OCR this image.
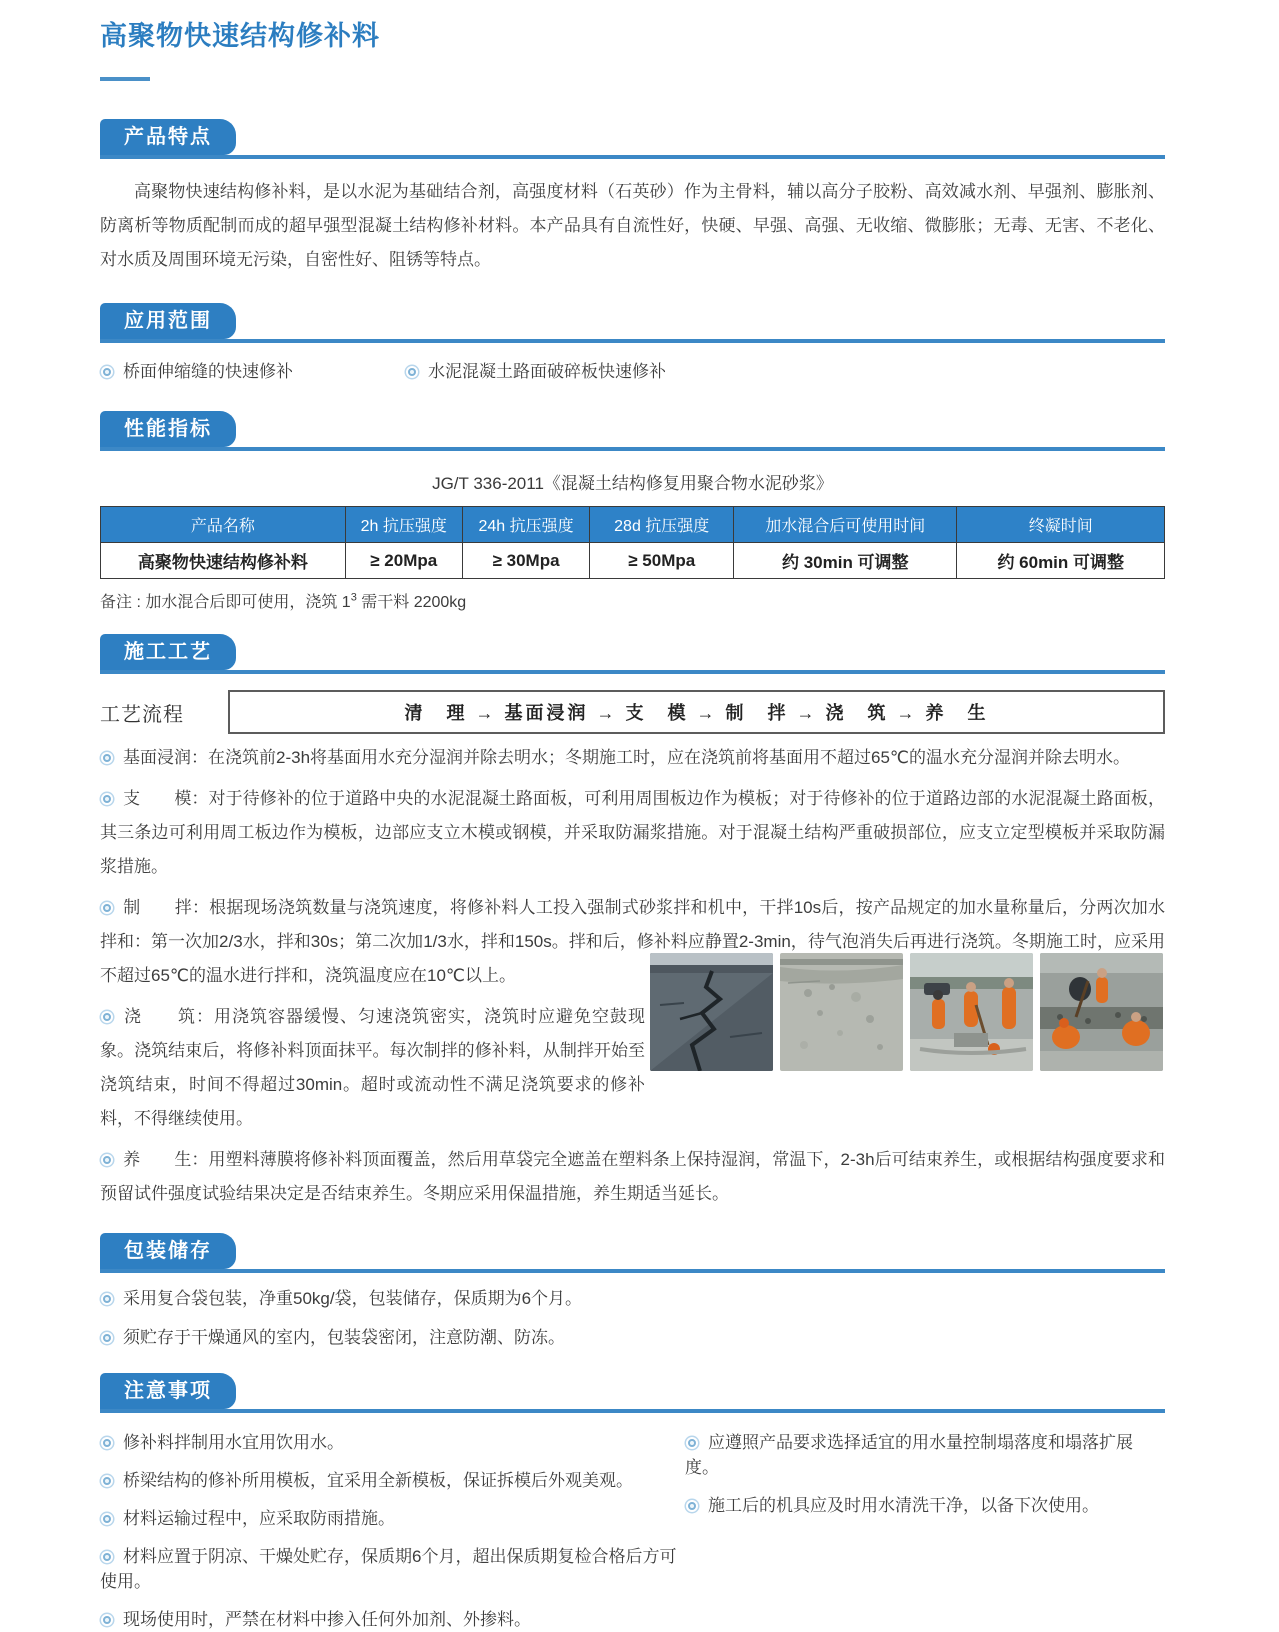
高聚物快速结构修补料
产品特点

高聚物快速结构修补料，是以水泥为基础结合剂，高强度材料（石英砂）作为主骨料，辅以高分子胶粉、高效减水剂、早强剂、膨胀剂、防离析等物质配制而成的超早强型混凝土结构修补材料。本产品具有自流性好，快硬、早强、高强、无收缩、微膨胀；无毒、无害、不老化、对水质及周围环境无污染，自密性好、阻锈等特点。

应用范围
桥面伸缩缝的快速修补	水泥混凝土路面破碎板快速修补
性能指标
JG/T 336-2011《混凝土结构修复用聚合物水泥砂浆》
产品名称	2h 抗压强度	24h 抗压强度	28d 抗压强度	加水混合后可使用时间	终凝时间
高聚物快速结构修补料	≥ 20Mpa	≥ 30Mpa	≥ 50Mpa	约 30min 可调整	约 60min 可调整
备注 : 加水混合后即可使用，浇筑 $1^3$ 需干料 2200kg
施工工艺
工艺流程	清　理 → 基面浸润 → 支　模 → 制　拌 → 浇　筑 → 养　生

基面浸润：在浇筑前2-3h将基面用水充分湿润并除去明水；冬期施工时，应在浇筑前将基面用不超过65℃的温水充分湿润并除去明水。

支　　模：对于待修补的位于道路中央的水泥混凝土路面板，可利用周围板边作为模板；对于待修补的位于道路边部的水泥混凝土路面板，其三条边可利用周工板边作为模板，边部应支立木模或钢模，并采取防漏浆措施。对于混凝土结构严重破损部位，应支立定型模板并采取防漏浆措施。

制　　拌：根据现场浇筑数量与浇筑速度，将修补料人工投入强制式砂浆拌和机中，干拌10s后，按产品规定的加水量称量后，分两次加水拌和：第一次加2/3水，拌和30s；第二次加1/3水，拌和150s。拌和后，修补料应静置2-3min，待气泡消失后再进行浇筑。冬期施工时，应采用不超过65℃的温水进行拌和，浇筑温度应在10℃以上。

浇　　筑：用浇筑容器缓慢、匀速浇筑密实，浇筑时应避免空鼓现象。浇筑结束后，将修补料顶面抹平。每次制拌的修补料，从制拌开始至浇筑结束，时间不得超过30min。超时或流动性不满足浇筑要求的修补料，不得继续使用。

养　　生：用塑料薄膜将修补料顶面覆盖，然后用草袋完全遮盖在塑料条上保持湿润，常温下，2-3h后可结束养生，或根据结构强度要求和预留试件强度试验结果决定是否结束养生。冬期应采用保温措施，养生期适当延长。

包装储存
采用复合袋包装，净重50kg/袋，包装储存，保质期为6个月。
须贮存于干燥通风的室内，包装袋密闭，注意防潮、防冻。
注意事项
修补料拌制用水宜用饮用水。
桥梁结构的修补所用模板，宜采用全新模板，保证拆模后外观美观。
材料运输过程中，应采取防雨措施。
材料应置于阴凉、干燥处贮存，保质期6个月，超出保质期复检合格后方可使用。
现场使用时，严禁在材料中掺入任何外加剂、外掺料。
应遵照产品要求选择适宜的用水量控制塌落度和塌落扩展度。
施工后的机具应及时用水清洗干净，以备下次使用。
